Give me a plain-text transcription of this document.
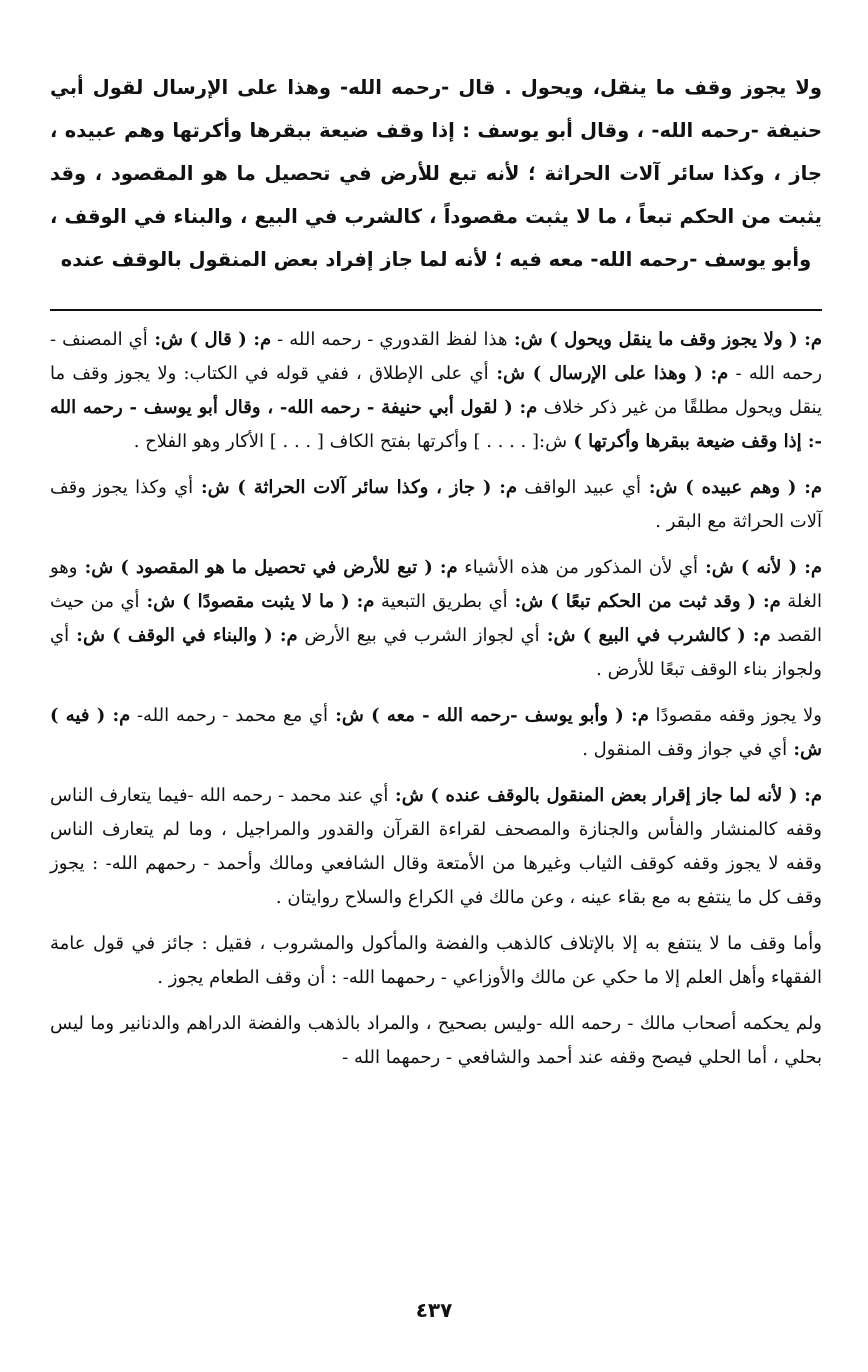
ولا يجوز وقف ما ينقل، ويحول . قال -رحمه الله- وهذا على الإرسال لقول أبي حنيفة -رحمه الله- ، وقال أبو يوسف : إذا وقف ضيعة ببقرها وأكرتها وهم عبيده ، جاز ، وكذا سائر آلات الحراثة ؛ لأنه تبع للأرض في تحصيل ما هو المقصود ، وقد يثبت من الحكم تبعاً ، ما لا يثبت مقصوداً ، كالشرب في البيع ، والبناء في الوقف ، وأبو يوسف -رحمه الله- معه فيه ؛ لأنه لما جاز إفراد بعض المنقول بالوقف عنده

م: ( ولا يجوز وقف ما ينقل ويحول ) ش: هذا لفظ القدوري - رحمه الله - م: ( قال ) ش: أي المصنف - رحمه الله - م: ( وهذا على الإرسال ) ش: أي على الإطلاق ، ففي قوله في الكتاب: ولا يجوز وقف ما ينقل ويحول مطلقًا من غير ذكر خلاف م: ( لقول أبي حنيفة - رحمه الله- ، وقال أبو يوسف - رحمه الله -: إذا وقف ضيعة ببقرها وأكرتها ) ش:[ . . . . ] وأكرتها بفتح الكاف [ . . . ] الأكار وهو الفلاح .

م: ( وهم عبيده ) ش: أي عبيد الواقف م: ( جاز ، وكذا سائر آلات الحراثة ) ش: أي وكذا يجوز وقف آلات الحراثة مع البقر .

م: ( لأنه ) ش: أي لأن المذكور من هذه الأشياء م: ( تبع للأرض في تحصيل ما هو المقصود ) ش: وهو الغلة م: ( وقد ثبت من الحكم تبعًا ) ش: أي بطريق التبعية م: ( ما لا يثبت مقصودًا ) ش: أي من حيث القصد م: ( كالشرب في البيع ) ش: أي لجواز الشرب في بيع الأرض م: ( والبناء في الوقف ) ش: أي ولجواز بناء الوقف تبعًا للأرض .

ولا يجوز وقفه مقصودًا م: ( وأبو يوسف -رحمه الله - معه ) ش: أي مع محمد - رحمه الله- م: ( فيه ) ش: أي في جواز وقف المنقول .

م: ( لأنه لما جاز إقرار بعض المنقول بالوقف عنده ) ش: أي عند محمد - رحمه الله -فيما يتعارف الناس وقفه كالمنشار والفأس والجنازة والمصحف لقراءة القرآن والقدور والمراجيل ، وما لم يتعارف الناس وقفه لا يجوز وقفه كوقف الثياب وغيرها من الأمتعة وقال الشافعي ومالك وأحمد - رحمهم الله- : يجوز وقف كل ما ينتفع به مع بقاء عينه ، وعن مالك في الكراع والسلاح روايتان .

وأما وقف ما لا ينتفع به إلا بالإتلاف كالذهب والفضة والمأكول والمشروب ، فقيل : جائز في قول عامة الفقهاء وأهل العلم إلا ما حكي عن مالك والأوزاعي - رحمهما الله- : أن وقف الطعام يجوز .

ولم يحكمه أصحاب مالك - رحمه الله -وليس بصحيح ، والمراد بالذهب والفضة الدراهم والدنانير وما ليس بحلي ، أما الحلي فيصح وقفه عند أحمد والشافعي - رحمهما الله -

٤٣٧
